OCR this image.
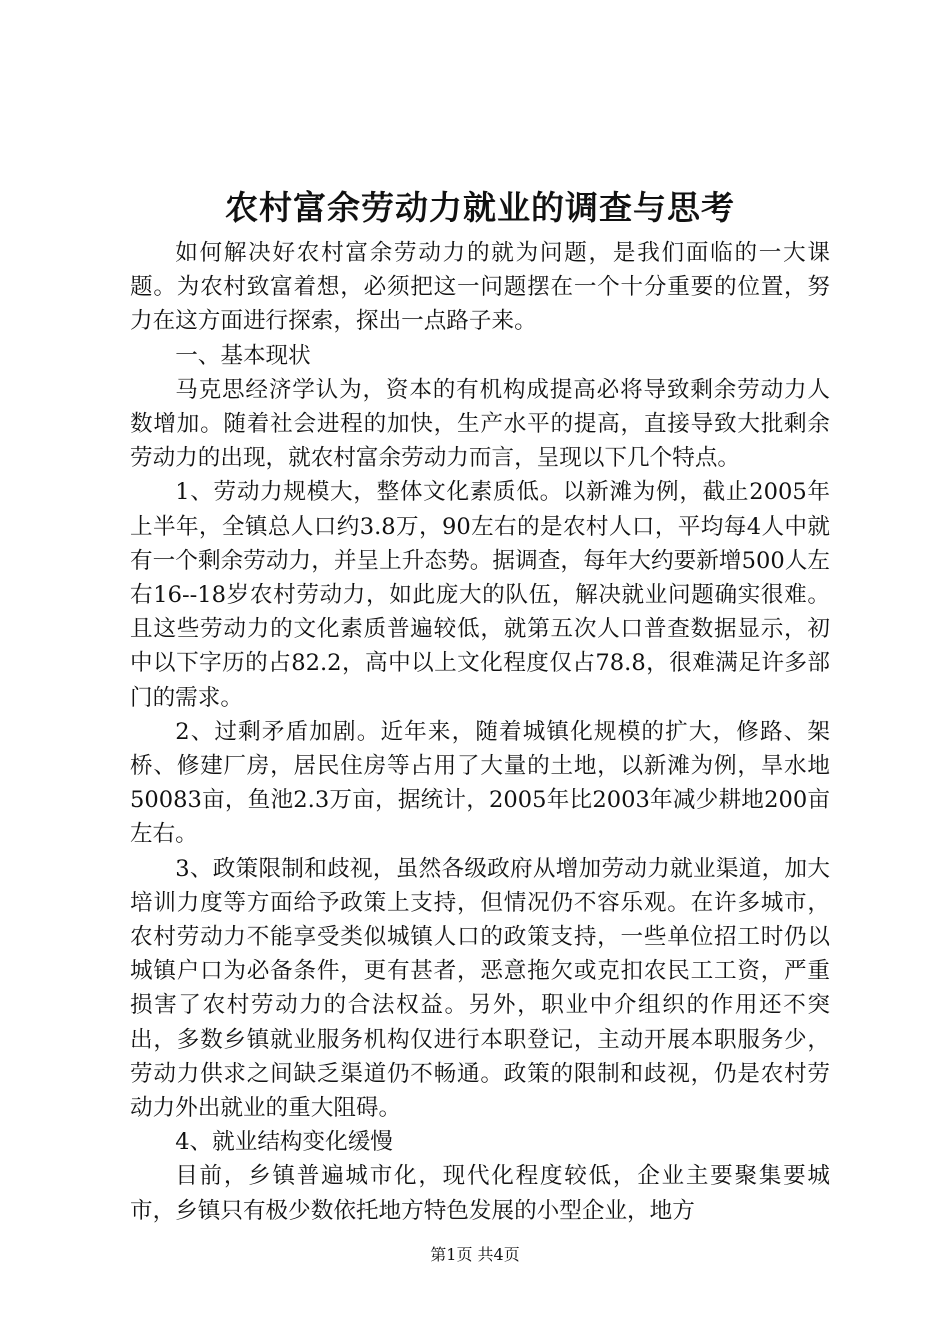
农村富余劳动力就业的调查与思考

如何解决好农村富余劳动力的就为问题，是我们面临的一大课题。为农村致富着想，必须把这一问题摆在一个十分重要的位置，努力在这方面进行探索，探出一点路子来。

一、基本现状

马克思经济学认为，资本的有机构成提高必将导致剩余劳动力人数增加。随着社会进程的加快，生产水平的提高，直接导致大批剩余劳动力的出现，就农村富余劳动力而言，呈现以下几个特点。

1、劳动力规模大，整体文化素质低。以新滩为例，截止2005年上半年，全镇总人口约3.8万，90左右的是农村人口，平均每4人中就有一个剩余劳动力，并呈上升态势。据调查，每年大约要新增500人左右16--18岁农村劳动力，如此庞大的队伍，解决就业问题确实很难。且这些劳动力的文化素质普遍较低，就第五次人口普查数据显示，初中以下字历的占82.2，高中以上文化程度仅占78.8，很难满足许多部门的需求。

2、过剩矛盾加剧。近年来，随着城镇化规模的扩大，修路、架桥、修建厂房，居民住房等占用了大量的土地，以新滩为例，旱水地50083亩，鱼池2.3万亩，据统计，2005年比2003年减少耕地200亩左右。

3、政策限制和歧视，虽然各级政府从增加劳动力就业渠道，加大培训力度等方面给予政策上支持，但情况仍不容乐观。在许多城市，农村劳动力不能享受类似城镇人口的政策支持，一些单位招工时仍以城镇户口为必备条件，更有甚者，恶意拖欠或克扣农民工工资，严重损害了农村劳动力的合法权益。另外，职业中介组织的作用还不突出，多数乡镇就业服务机构仅进行本职登记，主动开展本职服务少，劳动力供求之间缺乏渠道仍不畅通。政策的限制和歧视，仍是农村劳动力外出就业的重大阻碍。

4、就业结构变化缓慢

目前，乡镇普遍城市化，现代化程度较低，企业主要聚集要城市，乡镇只有极少数依托地方特色发展的小型企业，地方

第1页 共4页
